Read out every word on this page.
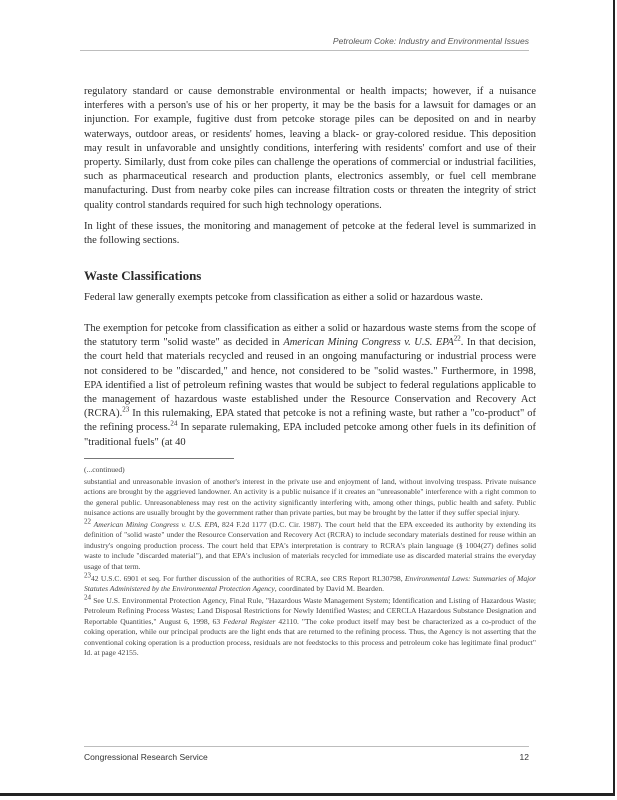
Petroleum Coke: Industry and Environmental Issues

regulatory standard or cause demonstrable environmental or health impacts; however, if a nuisance interferes with a person's use of his or her property, it may be the basis for a lawsuit for damages or an injunction. For example, fugitive dust from petcoke storage piles can be deposited on and in nearby waterways, outdoor areas, or residents' homes, leaving a black- or gray-colored residue. This deposition may result in unfavorable and unsightly conditions, interfering with residents' comfort and use of their property. Similarly, dust from coke piles can challenge the operations of commercial or industrial facilities, such as pharmaceutical research and production plants, electronics assembly, or fuel cell membrane manufacturing. Dust from nearby coke piles can increase filtration costs or threaten the integrity of strict quality control standards required for such high technology operations.

In light of these issues, the monitoring and management of petcoke at the federal level is summarized in the following sections.

Waste Classifications

Federal law generally exempts petcoke from classification as either a solid or hazardous waste.

The exemption for petcoke from classification as either a solid or hazardous waste stems from the scope of the statutory term "solid waste" as decided in American Mining Congress v. U.S. EPA$^{22}$. In that decision, the court held that materials recycled and reused in an ongoing manufacturing or industrial process were not considered to be "discarded," and hence, not considered to be "solid wastes." Furthermore, in 1998, EPA identified a list of petroleum refining wastes that would be subject to federal regulations applicable to the management of hazardous waste established under the Resource Conservation and Recovery Act (RCRA).$^{23}$ In this rulemaking, EPA stated that petcoke is not a refining waste, but rather a "co-product" of the refining process.$^{24}$ In separate rulemaking, EPA included petcoke among other fuels in its definition of "traditional fuels" (at 40

(...continued)

substantial and unreasonable invasion of another's interest in the private use and enjoyment of land, without involving trespass. Private nuisance actions are brought by the aggrieved landowner. An activity is a public nuisance if it creates an "unreasonable" interference with a right common to the general public. Unreasonableness may rest on the activity significantly interfering with, among other things, public health and safety. Public nuisance actions are usually brought by the government rather than private parties, but may be brought by the latter if they suffer special injury.

$^{22}$ American Mining Congress v. U.S. EPA, 824 F.2d 1177 (D.C. Cir. 1987). The court held that the EPA exceeded its authority by extending its definition of "solid waste" under the Resource Conservation and Recovery Act (RCRA) to include secondary materials destined for reuse within an industry's ongoing production process. The court held that EPA's interpretation is contrary to RCRA's plain language (§ 1004(27) defines solid waste to include "discarded material"), and that EPA's inclusion of materials recycled for immediate use as discarded material strains the everyday usage of that term.

$^{23}$42 U.S.C. 6901 et seq. For further discussion of the authorities of RCRA, see CRS Report RL30798, Environmental Laws: Summaries of Major Statutes Administered by the Environmental Protection Agency, coordinated by David M. Bearden.

$^{24}$ See U.S. Environmental Protection Agency, Final Rule, "Hazardous Waste Management System; Identification and Listing of Hazardous Waste; Petroleum Refining Process Wastes; Land Disposal Restrictions for Newly Identified Wastes; and CERCLA Hazardous Substance Designation and Reportable Quantities," August 6, 1998, 63 Federal Register 42110. "The coke product itself may best be characterized as a co-product of the coking operation, while our principal products are the light ends that are returned to the refining process. Thus, the Agency is not asserting that the conventional coking operation is a production process, residuals are not feedstocks to this process and petroleum coke has legitimate final product" Id. at page 42155.

Congressional Research Service	12
